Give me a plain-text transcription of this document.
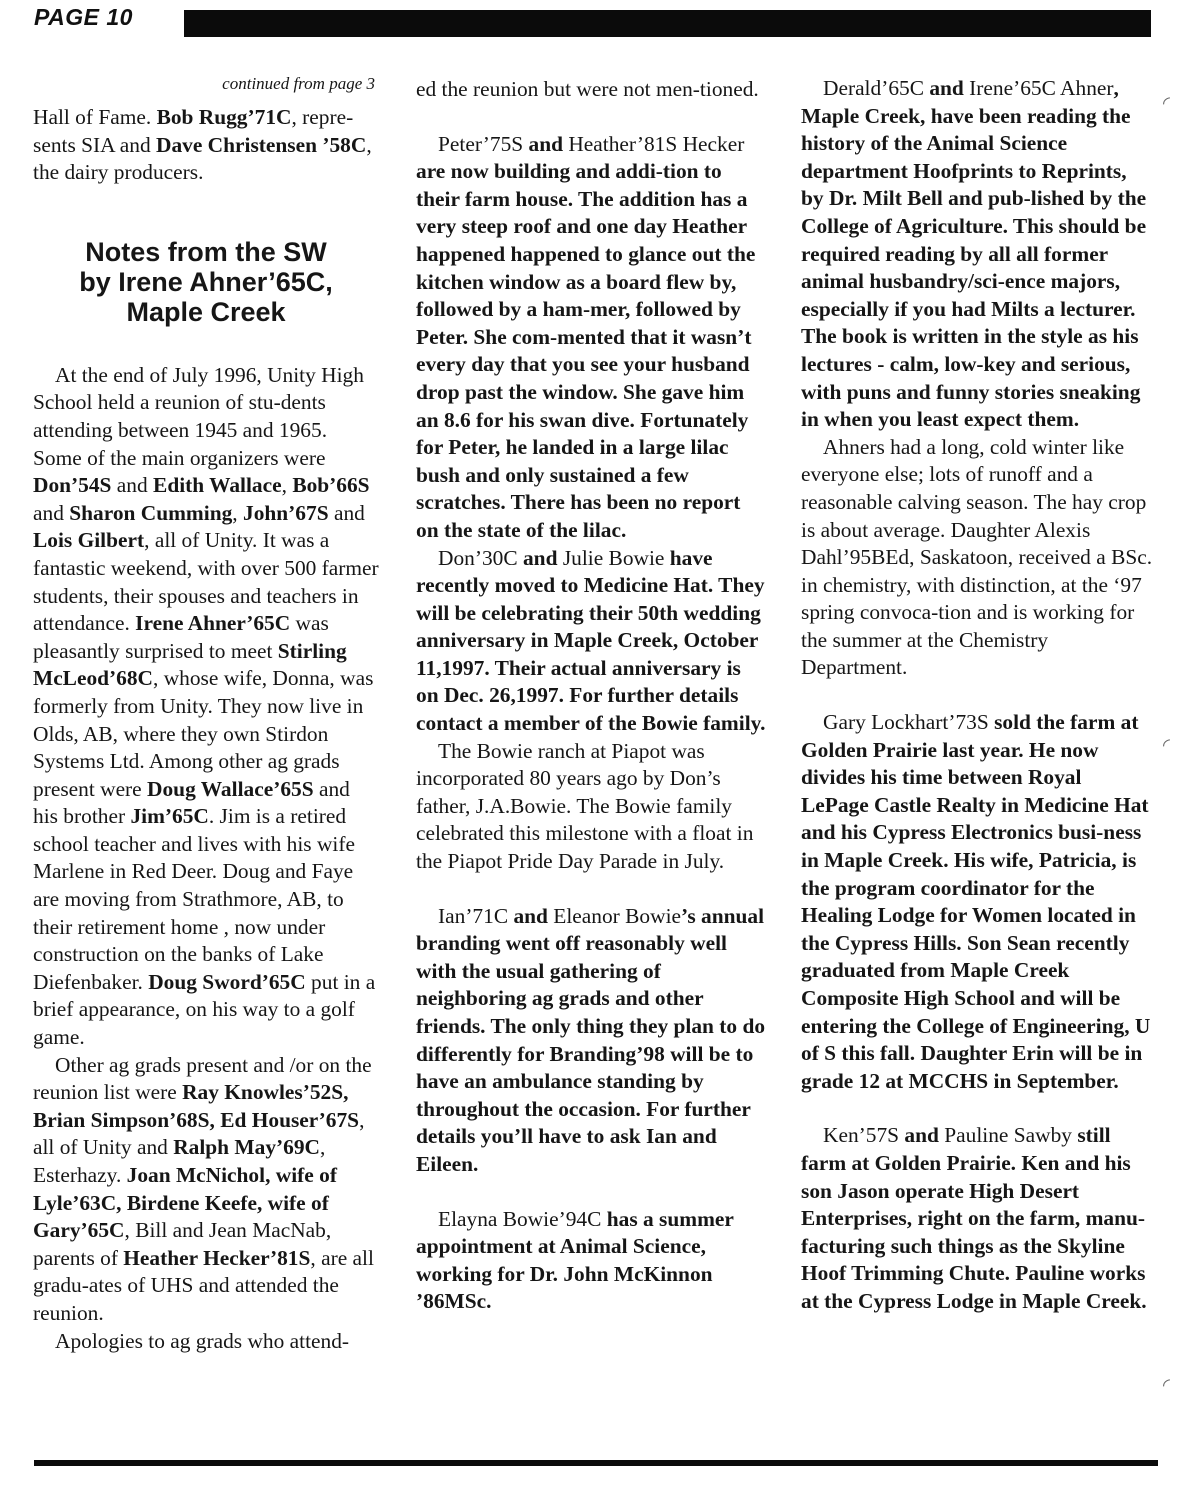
PAGE 10

continued from page 3

Hall of Fame. Bob Rugg’71C, repre-sents SIA and Dave Christensen ’58C, the dairy producers.

Notes from the SW
by Irene Ahner’65C,
Maple Creek

At the end of July 1996, Unity High School held a reunion of stu-dents attending between 1945 and 1965. Some of the main organizers were Don’54S and Edith Wallace, Bob’66S and Sharon Cumming, John’67S and Lois Gilbert, all of Unity. It was a fantastic weekend, with over 500 farmer students, their spouses and teachers in attendance. Irene Ahner’65C was pleasantly surprised to meet Stirling McLeod’68C, whose wife, Donna, was formerly from Unity. They now live in Olds, AB, where they own Stirdon Systems Ltd. Among other ag grads present were Doug Wallace’65S and his brother Jim’65C. Jim is a retired school teacher and lives with his wife Marlene in Red Deer. Doug and Faye are moving from Strathmore, AB, to their retirement home , now under construction on the banks of Lake Diefenbaker. Doug Sword’65C put in a brief appearance, on his way to a golf game.

Other ag grads present and /or on the reunion list were Ray Knowles’52S, Brian Simpson’68S, Ed Houser’67S, all of Unity and Ralph May’69C, Esterhazy. Joan McNichol, wife of Lyle’63C, Birdene Keefe, wife of Gary’65C, Bill and Jean MacNab, parents of Heather Hecker’81S, are all gradu-ates of UHS and attended the reunion.

Apologies to ag grads who attend-

ed the reunion but were not men-tioned.

Peter’75S and Heather’81S Hecker are now building and addi-tion to their farm house. The addition has a very steep roof and one day Heather happened happened to glance out the kitchen window as a board flew by, followed by a ham-mer, followed by Peter. She com-mented that it wasn’t every day that you see your husband drop past the window. She gave him an 8.6 for his swan dive. Fortunately for Peter, he landed in a large lilac bush and only sustained a few scratches. There has been no report on the state of the lilac.

Don’30C and Julie Bowie have recently moved to Medicine Hat. They will be celebrating their 50th wedding anniversary in Maple Creek, October 11,1997. Their actual anniversary is on Dec. 26,1997. For further details contact a member of the Bowie family.

The Bowie ranch at Piapot was incorporated 80 years ago by Don’s father, J.A.Bowie. The Bowie family celebrated this milestone with a float in the Piapot Pride Day Parade in July.

Ian’71C and Eleanor Bowie’s annual branding went off reasonably well with the usual gathering of neighboring ag grads and other friends. The only thing they plan to do differently for Branding’98 will be to have an ambulance standing by throughout the occasion. For further details you’ll have to ask Ian and Eileen.

Elayna Bowie’94C has a summer appointment at Animal Science, working for Dr. John McKinnon ’86MSc.

Derald’65C and Irene’65C Ahner, Maple Creek, have been reading the history of the Animal Science department Hoofprints to Reprints, by Dr. Milt Bell and pub-lished by the College of Agriculture. This should be required reading by all all former animal husbandry/sci-ence majors, especially if you had Milts a lecturer. The book is written in the style as his lectures - calm, low-key and serious, with puns and funny stories sneaking in when you least expect them.

Ahners had a long, cold winter like everyone else; lots of runoff and a reasonable calving season. The hay crop is about average. Daughter Alexis Dahl’95BEd, Saskatoon, received a BSc. in chemistry, with distinction, at the ‘97 spring convoca-tion and is working for the summer at the Chemistry Department.

Gary Lockhart’73S sold the farm at Golden Prairie last year. He now divides his time between Royal LePage Castle Realty in Medicine Hat and his Cypress Electronics busi-ness in Maple Creek. His wife, Patricia, is the program coordinator for the Healing Lodge for Women located in the Cypress Hills. Son Sean recently graduated from Maple Creek Composite High School and will be entering the College of Engineering, U of S this fall. Daughter Erin will be in grade 12 at MCCHS in September.

Ken’57S and Pauline Sawby still farm at Golden Prairie. Ken and his son Jason operate High Desert Enterprises, right on the farm, manu-facturing such things as the Skyline Hoof Trimming Chute. Pauline works at the Cypress Lodge in Maple Creek.

◜
◜
◜
